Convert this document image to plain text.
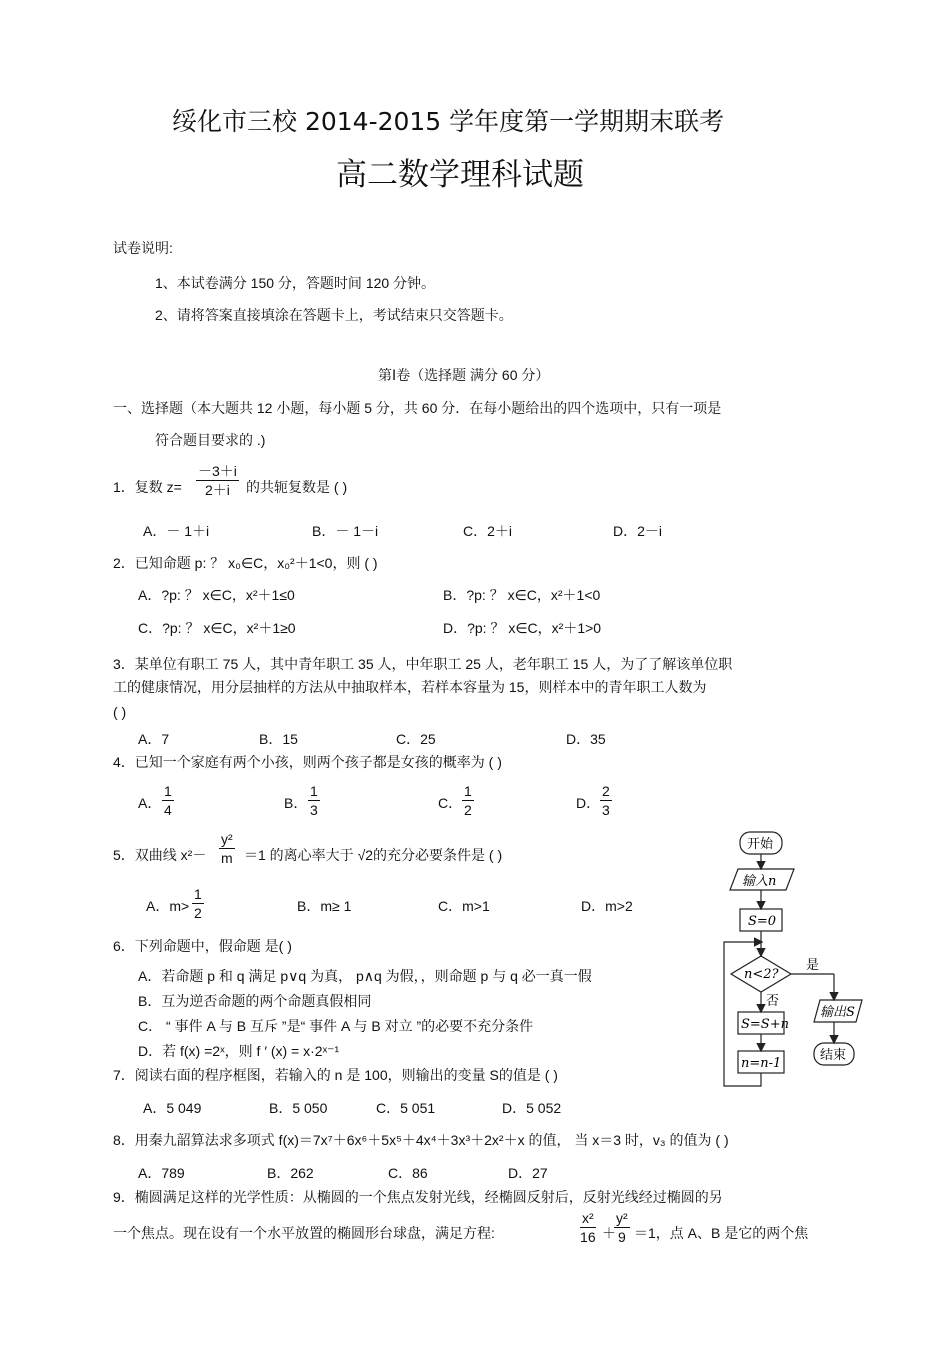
绥化市三校 2014-2015 学年度第一学期期末联考
高二数学理科试题
试卷说明:
1、本试卷满分 150 分，答题时间 120 分钟。
2、请将答案直接填涂在答题卡上，考试结束只交答题卡。
第Ⅰ卷（选择题 满分 60 分）
一、选择题（本大题共 12 小题，每小题 5 分，共 60 分．在每小题给出的四个选项中，只有一项是
符合题目要求的 .)
1．复数 $z= \frac{-3+i}{2+i}$ 的共轭复数是 ( )
A．－ 1＋i	B．－ 1－i	C．2＋i	D．2－i
2．已知命题 p: ？ x₀∈C，x₀²＋1<0，则 ( )
A．?p: ？ x∈C，x²＋1≤0	B．?p: ？ x∈C，x²＋1<0
C．?p: ？ x∈C，x²＋1≥0	D．?p: ？ x∈C，x²＋1>0
3．某单位有职工 75 人，其中青年职工 35 人，中年职工 25 人，老年职工 15 人，为了了解该单位职
工的健康情况，用分层抽样的方法从中抽取样本，若样本容量为 15，则样本中的青年职工人数为
( )
A．7	B．15	C．25	D．35
4．已知一个家庭有两个小孩，则两个孩子都是女孩的概率为 ( )
A． $\frac{1}{4}$	B． $\frac{1}{3}$	C． $\frac{1}{2}$	D． $\frac{2}{3}$
5．双曲线 $x^2- \frac{\text{y²}}{m} =1$ 的离心率大于 √2的充分必要条件是 ( )
A．$m> \frac{1}{2}$	B．m≥ 1	C．m>1	D．m>2
6．下列命题中，假命题 是( )
A．若命题 p 和 q 满足 p∨q 为真， p∧q 为假，，则命题 p 与 q 必一真一假
B．互为逆否命题的两个命题真假相同
C． “ 事件 A 与 B 互斥 ”是“ 事件 A 与 B 对立 ”的必要不充分条件
D．若 f(x) =2ˣ，则 f ′ (x) = x·2ˣ⁻¹
7．阅读右面的程序框图，若输入的 n 是 100，则输出的变量 S的值是 ( )
A．5 049	B．5 050	C．5 051	D．5 052
8．用秦九韶算法求多项式 f(x)＝7x⁷＋6x⁶＋5x⁵＋4x⁴＋3x³＋2x²＋x 的值， 当 x＝3 时，v₃ 的值为 ( )
A．789	B．262	C．86	D．27
9．椭圆满足这样的光学性质：从椭圆的一个焦点发射光线，经椭圆反射后，反射光线经过椭圆的另
一个焦点。现在设有一个水平放置的椭圆形台球盘，满足方程:	$\frac{\text{x²}}{16}$ ＋
$\frac{\text{y²}}{9} =1$，点 A、B 是它的两个焦
开始
输入n
S=0
n<2?
是
否
S=S+n
n=n-1
输出S
结束
